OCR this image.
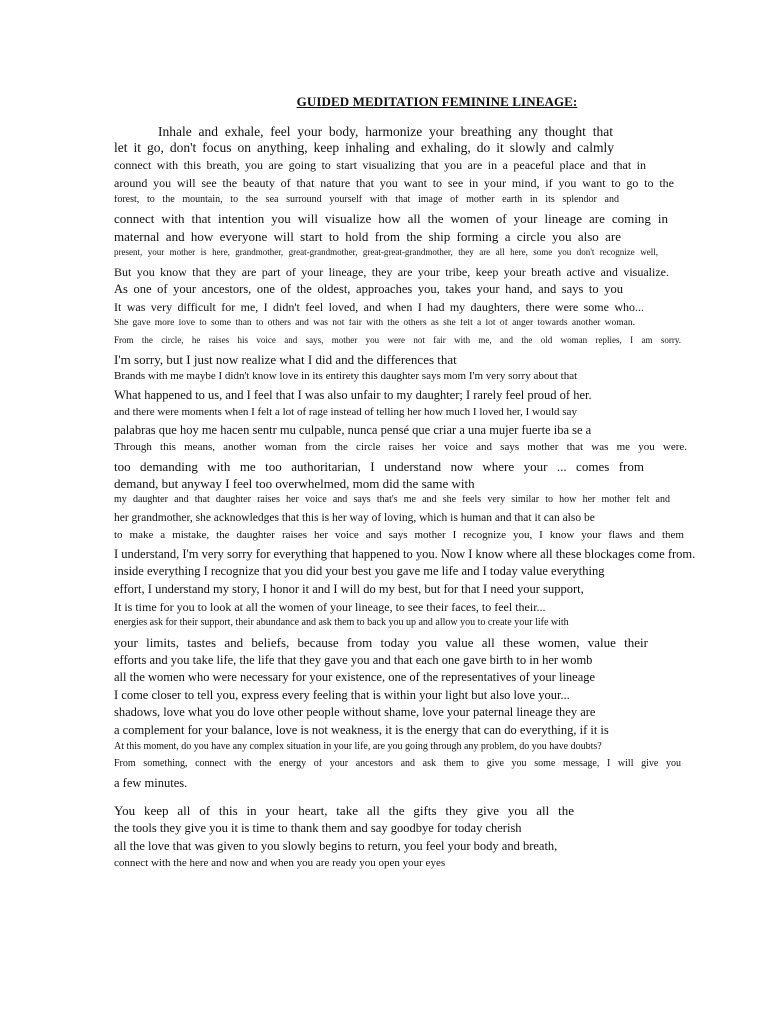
GUIDED MEDITATION FEMININE LINEAGE:
Inhale and exhale, feel your body, harmonize your breathing any thought that
let it go, don't focus on anything, keep inhaling and exhaling, do it slowly and calmly
connect with this breath, you are going to start visualizing that you are in a peaceful place and that in
around you will see the beauty of that nature that you want to see in your mind, if you want to go to the
forest, to the mountain, to the sea surround yourself with that image of mother earth in its splendor and
connect with that intention you will visualize how all the women of your lineage are coming in
maternal and how everyone will start to hold from the ship forming a circle you also are
present, your mother is here, grandmother, great-grandmother, great-great-grandmother, they are all here, some you don't recognize well,
But you know that they are part of your lineage, they are your tribe, keep your breath active and visualize.
As one of your ancestors, one of the oldest, approaches you, takes your hand, and says to you
It was very difficult for me, I didn't feel loved, and when I had my daughters, there were some who...
She gave more love to some than to others and was not fair with the others as she felt a lot of anger towards another woman.
From the circle, he raises his voice and says, mother you were not fair with me, and the old woman replies, I am sorry.
I'm sorry, but I just now realize what I did and the differences that
Brands with me maybe I didn't know love in its entirety this daughter says mom I'm very sorry about that
What happened to us, and I feel that I was also unfair to my daughter; I rarely feel proud of her.
and there were moments when I felt a lot of rage instead of telling her how much I loved her, I would say
palabras que hoy me hacen sentr mu culpable, nunca pensé que criar a una mujer fuerte iba se a
Through this means, another woman from the circle raises her voice and says mother that was me you were.
too demanding with me too authoritarian, I understand now where your ... comes from
demand, but anyway I feel too overwhelmed, mom did the same with
my daughter and that daughter raises her voice and says that's me and she feels very similar to how her mother felt and
her grandmother, she acknowledges that this is her way of loving, which is human and that it can also be
to make a mistake, the daughter raises her voice and says mother I recognize you, I know your flaws and them
I understand, I'm very sorry for everything that happened to you. Now I know where all these blockages come from.
inside everything I recognize that you did your best you gave me life and I today value everything
effort, I understand my story, I honor it and I will do my best, but for that I need your support,
It is time for you to look at all the women of your lineage, to see their faces, to feel their...
energies ask for their support, their abundance and ask them to back you up and allow you to create your life with
your limits, tastes and beliefs, because from today you value all these women, value their
efforts and you take life, the life that they gave you and that each one gave birth to in her womb
all the women who were necessary for your existence, one of the representatives of your lineage
I come closer to tell you, express every feeling that is within your light but also love your...
shadows, love what you do love other people without shame, love your paternal lineage they are
a complement for your balance, love is not weakness, it is the energy that can do everything, if it is
At this moment, do you have any complex situation in your life, are you going through any problem, do you have doubts?
From something, connect with the energy of your ancestors and ask them to give you some message, I will give you
a few minutes.
You keep all of this in your heart, take all the gifts they give you all the
the tools they give you it is time to thank them and say goodbye for today cherish
all the love that was given to you slowly begins to return, you feel your body and breath,
connect with the here and now and when you are ready you open your eyes
